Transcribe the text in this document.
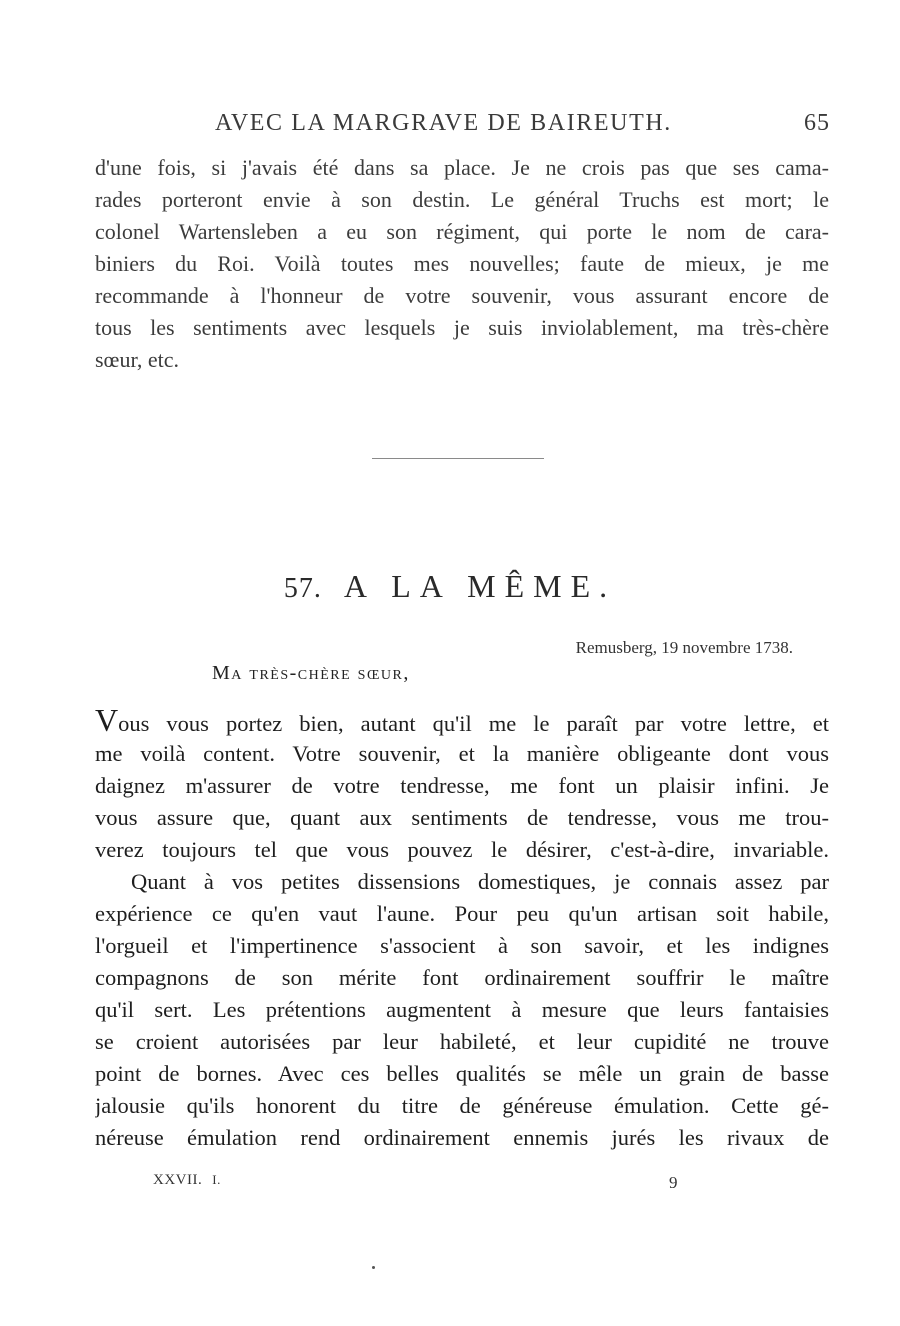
AVEC LA MARGRAVE DE BAIREUTH.	65
d'une fois, si j'avais été dans sa place. Je ne crois pas que ses cama-
rades porteront envie à son destin. Le général Truchs est mort; le
colonel Wartensleben a eu son régiment, qui porte le nom de cara-
biniers du Roi. Voilà toutes mes nouvelles; faute de mieux, je me
recommande à l'honneur de votre souvenir, vous assurant encore de
tous les sentiments avec lesquels je suis inviolablement, ma très-chère
sœur, etc.
57. A LA MÊME.
Remusberg, 19 novembre 1738.
Ma très-chère sœur,
Vous vous portez bien, autant qu'il me le paraît par votre lettre, et
me voilà content. Votre souvenir, et la manière obligeante dont vous
daignez m'assurer de votre tendresse, me font un plaisir infini. Je
vous assure que, quant aux sentiments de tendresse, vous me trou-
verez toujours tel que vous pouvez le désirer, c'est-à-dire, invariable.
Quant à vos petites dissensions domestiques, je connais assez par
expérience ce qu'en vaut l'aune. Pour peu qu'un artisan soit habile,
l'orgueil et l'impertinence s'associent à son savoir, et les indignes
compagnons de son mérite font ordinairement souffrir le maître
qu'il sert. Les prétentions augmentent à mesure que leurs fantaisies
se croient autorisées par leur habileté, et leur cupidité ne trouve
point de bornes. Avec ces belles qualités se mêle un grain de basse
jalousie qu'ils honorent du titre de généreuse émulation. Cette gé-
néreuse émulation rend ordinairement ennemis jurés les rivaux de
XXVII. I.	9
